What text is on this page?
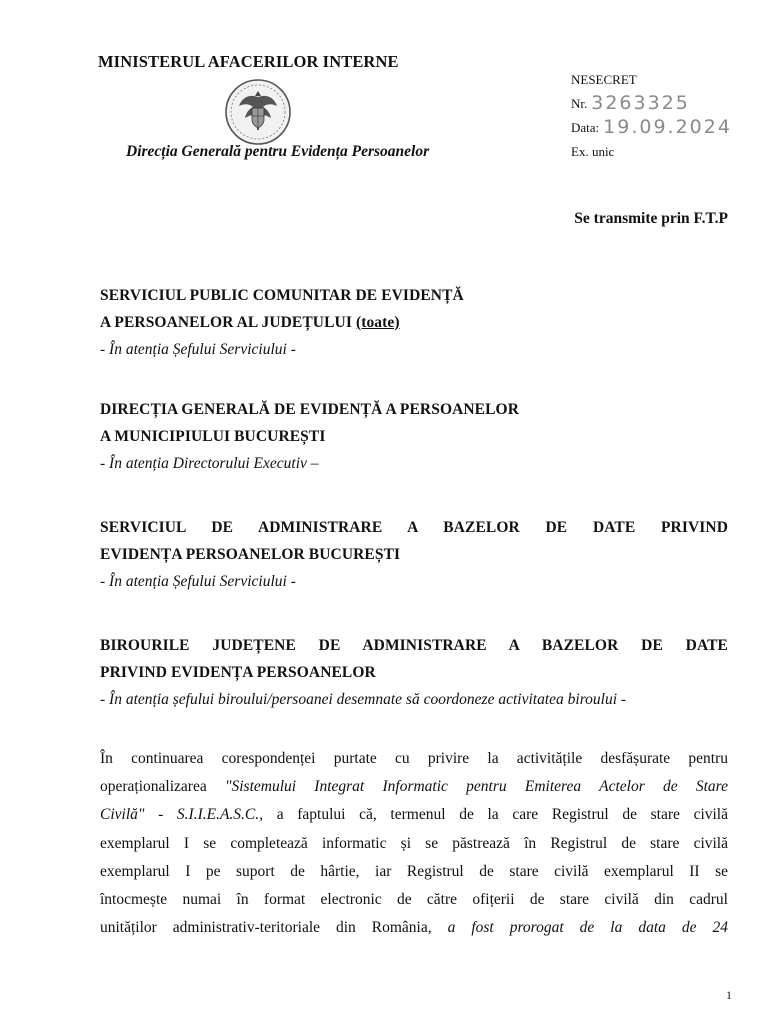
MINISTERUL AFACERILOR INTERNE
Direcția Generală pentru Evidența Persoanelor
NESECRET
Nr. 3263325
Data: 19.09.2024
Ex. unic
Se transmite prin F.T.P
SERVICIUL PUBLIC COMUNITAR DE EVIDENȚĂ
A PERSOANELOR AL JUDEȚULUI (toate)
- În atenția Șefului Serviciului -
DIRECȚIA GENERALĂ DE EVIDENȚĂ A PERSOANELOR
A MUNICIPIULUI BUCUREȘTI
- În atenția Directorului Executiv –
SERVICIUL DE ADMINISTRARE A BAZELOR DE DATE PRIVIND
EVIDENȚA PERSOANELOR BUCUREȘTI
- În atenția Șefului Serviciului -
BIROURILE JUDEȚENE DE ADMINISTRARE A BAZELOR DE DATE
PRIVIND EVIDENȚA PERSOANELOR
- În atenția șefului biroului/persoanei desemnate să coordoneze activitatea biroului -

În continuarea corespondenței purtate cu privire la activitățile desfășurate pentru

operaționalizarea "Sistemului Integrat Informatic pentru Emiterea Actelor de Stare

Civilă" - S.I.I.E.A.S.C., a faptului că, termenul de la care Registrul de stare civilă

exemplarul I se completează informatic și se păstrează în Registrul de stare civilă

exemplarul I pe suport de hârtie, iar Registrul de stare civilă exemplarul II se

întocmește numai în format electronic de către ofițerii de stare civilă din cadrul

unităților administrativ-teritoriale din România, a fost prorogat de la data de 24

1
